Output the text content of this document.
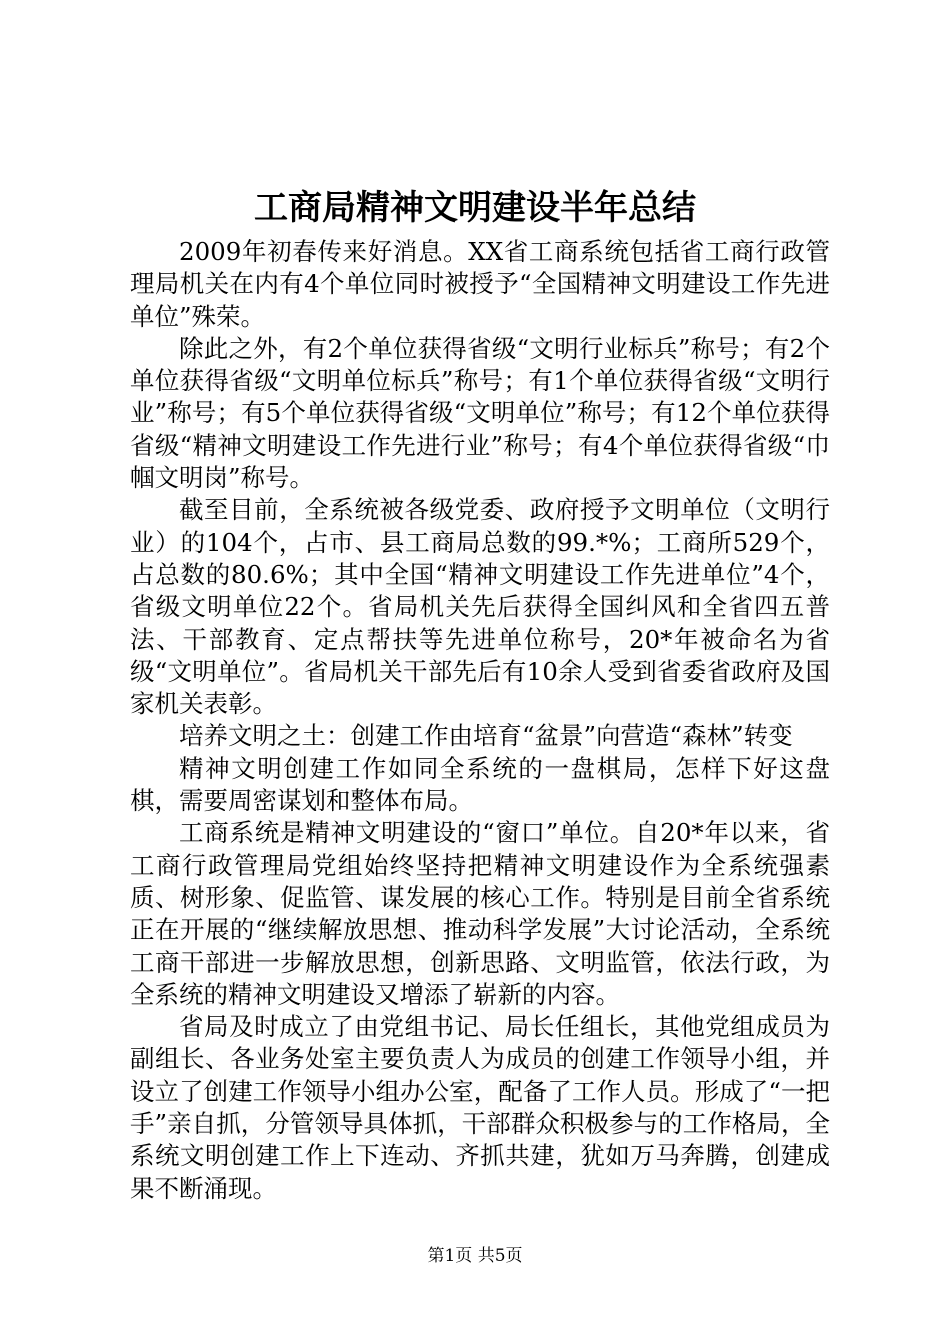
工商局精神文明建设半年总结

2009年初春传来好消息。XX省工商系统包括省工商行政管理局机关在内有4个单位同时被授予“全国精神文明建设工作先进单位”殊荣。

除此之外，有2个单位获得省级“文明行业标兵”称号；有2个单位获得省级“文明单位标兵”称号；有1个单位获得省级“文明行业”称号；有5个单位获得省级“文明单位”称号；有12个单位获得省级“精神文明建设工作先进行业”称号；有4个单位获得省级“巾帼文明岗”称号。

截至目前，全系统被各级党委、政府授予文明单位（文明行业）的104个，占市、县工商局总数的99.*%；工商所529个，占总数的80.6%；其中全国“精神文明建设工作先进单位”4个，省级文明单位22个。省局机关先后获得全国纠风和全省四五普法、干部教育、定点帮扶等先进单位称号，20*年被命名为省级“文明单位”。省局机关干部先后有10余人受到省委省政府及国家机关表彰。

培养文明之土：创建工作由培育“盆景”向营造“森林”转变

精神文明创建工作如同全系统的一盘棋局，怎样下好这盘棋，需要周密谋划和整体布局。

工商系统是精神文明建设的“窗口”单位。自20*年以来，省工商行政管理局党组始终坚持把精神文明建设作为全系统强素质、树形象、促监管、谋发展的核心工作。特别是目前全省系统正在开展的“继续解放思想、推动科学发展”大讨论活动，全系统工商干部进一步解放思想，创新思路、文明监管，依法行政，为全系统的精神文明建设又增添了崭新的内容。

省局及时成立了由党组书记、局长任组长，其他党组成员为副组长、各业务处室主要负责人为成员的创建工作领导小组，并设立了创建工作领导小组办公室，配备了工作人员。形成了“一把手”亲自抓，分管领导具体抓，干部群众积极参与的工作格局，全系统文明创建工作上下连动、齐抓共建，犹如万马奔腾，创建成果不断涌现。

第1页 共5页
